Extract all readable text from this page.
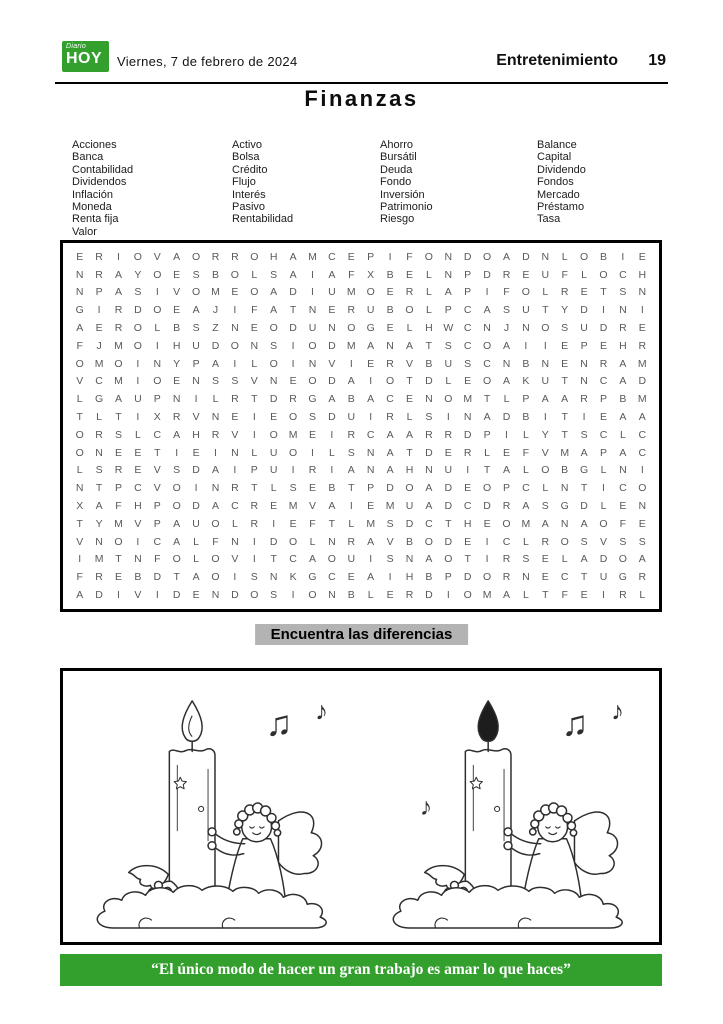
Diario
HOY Viernes, 7 de febrero de 2024	Entretenimiento 19
Finanzas
Acciones
Banca
Contabilidad
Dividendos
Inflación
Moneda
Renta fija
Valor
Activo
Bolsa
Crédito
Flujo
Interés
Pasivo
Rentabilidad
Ahorro
Bursátil
Deuda
Fondo
Inversión
Patrimonio
Riesgo
Balance
Capital
Dividendo
Fondos
Mercado
Préstamo
Tasa
E	R	I	O	V	A	O	R	R	O	H	A	M	C	E	P	I	F	O	N	D	O	A	D	N	L	O	B	I	E
N	R	A	Y	O	E	S	B	O	L	S	A	I	A	F	X	B	E	L	N	P	D	R	E	U	F	L	O	C	H
N	P	A	S	I	V	O	M	E	O	A	D	I	U	M	O	E	R	L	A	P	I	F	O	L	R	E	T	S	N
G	I	R	D	O	E	A	J	I	F	A	T	N	E	R	U	B	O	L	P	C	A	S	U	T	Y	D	I	N	I
A	E	R	O	L	B	S	Z	N	E	O	D	U	N	O	G	E	L	H	W	C	N	J	N	O	S	U	D	R	E
F	J	M	O	I	H	U	D	O	N	S	I	O	D	M	A	N	A	T	S	C	O	A	I	I	E	P	E	H	R
O	M	O	I	N	Y	P	A	I	L	O	I	N	V	I	E	R	V	B	U	S	C	N	B	N	E	N	R	A	M
V	C	M	I	O	E	N	S	S	V	N	E	O	D	A	I	O	T	D	L	E	O	A	K	U	T	N	C	A	D
L	G	A	U	P	N	I	L	R	T	D	R	G	A	B	A	C	E	N	O	M	T	L	P	A	A	R	P	B	M
T	L	T	I	X	R	V	N	E	I	E	O	S	D	U	I	R	L	S	I	N	A	D	B	I	T	I	E	A	A
O	R	S	L	C	A	H	R	V	I	O	M	E	I	R	C	A	A	R	R	D	P	I	L	Y	T	S	C	L	C
O	N	E	E	T	I	E	I	N	L	U	O	I	L	S	N	A	T	D	E	R	L	E	F	V	M	A	P	A	C
L	S	R	E	V	S	D	A	I	P	U	I	R	I	A	N	A	H	N	U	I	T	A	L	O	B	G	L	N	I
N	T	P	C	V	O	I	N	R	T	L	S	E	B	T	P	D	O	A	D	E	O	P	C	L	N	T	I	C	O
X	A	F	H	P	O	D	A	C	R	E	M	V	A	I	E	M	U	A	D	C	D	R	A	S	G	D	L	E	N
T	Y	M	V	P	A	U	O	L	R	I	E	F	T	L	M	S	D	C	T	H	E	O	M	A	N	A	O	F	E
V	N	O	I	C	A	L	F	N	I	D	O	L	N	R	A	V	B	O	D	E	I	C	L	R	O	S	V	S	S
I	M	T	N	F	O	L	O	V	I	T	C	A	O	U	I	S	N	A	O	T	I	R	S	E	L	A	D	O	A
F	R	E	B	D	T	A	O	I	S	N	K	G	C	E	A	I	H	B	P	D	O	R	N	E	C	T	U	G	R
A	D	I	V	I	D	E	N	D	O	S	I	O	N	B	L	E	R	D	I	O	M	A	L	T	F	E	I	R	L
Encuentra las diferencias
♪
“El único modo de hacer un gran trabajo es amar lo que haces”
